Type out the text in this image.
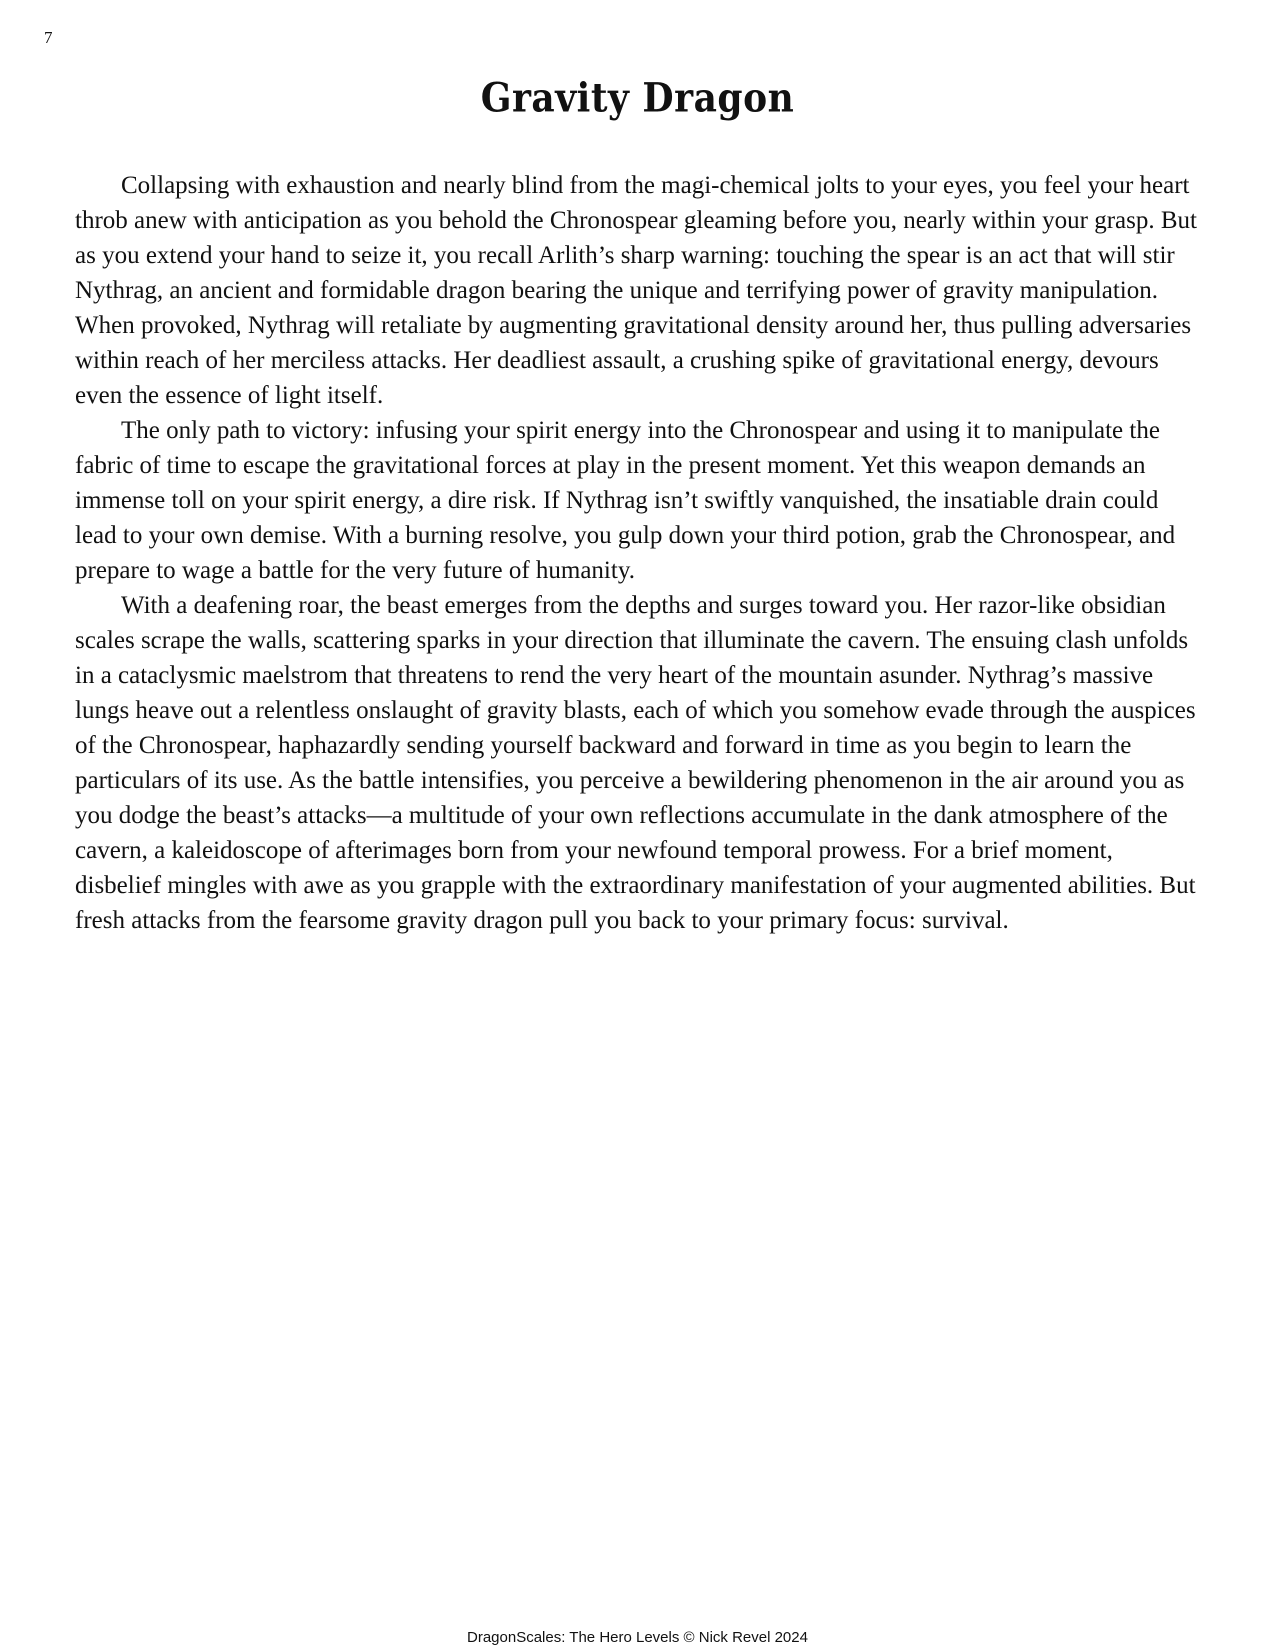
7
Gravity Dragon

Collapsing with exhaustion and nearly blind from the magi-chemical jolts to your eyes, you feel your heart throb anew with anticipation as you behold the Chronospear gleaming before you, nearly within your grasp. But as you extend your hand to seize it, you recall Arlith’s sharp warning: touching the spear is an act that will stir Nythrag, an ancient and formidable dragon bearing the unique and terrifying power of gravity manipulation. When provoked, Nythrag will retaliate by augmenting gravitational density around her, thus pulling adversaries within reach of her merciless attacks. Her deadliest assault, a crushing spike of gravitational energy, devours even the essence of light itself.

The only path to victory: infusing your spirit energy into the Chronospear and using it to manipulate the fabric of time to escape the gravitational forces at play in the present moment. Yet this weapon demands an immense toll on your spirit energy, a dire risk. If Nythrag isn’t swiftly vanquished, the insatiable drain could lead to your own demise. With a burning resolve, you gulp down your third potion, grab the Chronospear, and prepare to wage a battle for the very future of humanity.

With a deafening roar, the beast emerges from the depths and surges toward you. Her razor-like obsidian scales scrape the walls, scattering sparks in your direction that illuminate the cavern. The ensuing clash unfolds in a cataclysmic maelstrom that threatens to rend the very heart of the mountain asunder. Nythrag’s massive lungs heave out a relentless onslaught of gravity blasts, each of which you somehow evade through the auspices of the Chronospear, haphazardly sending yourself backward and forward in time as you begin to learn the particulars of its use. As the battle intensifies, you perceive a bewildering phenomenon in the air around you as you dodge the beast’s attacks—a multitude of your own reflections accumulate in the dank atmosphere of the cavern, a kaleidoscope of afterimages born from your newfound temporal prowess. For a brief moment, disbelief mingles with awe as you grapple with the extraordinary manifestation of your augmented abilities. But fresh attacks from the fearsome gravity dragon pull you back to your primary focus: survival.

DragonScales: The Hero Levels © Nick Revel 2024
